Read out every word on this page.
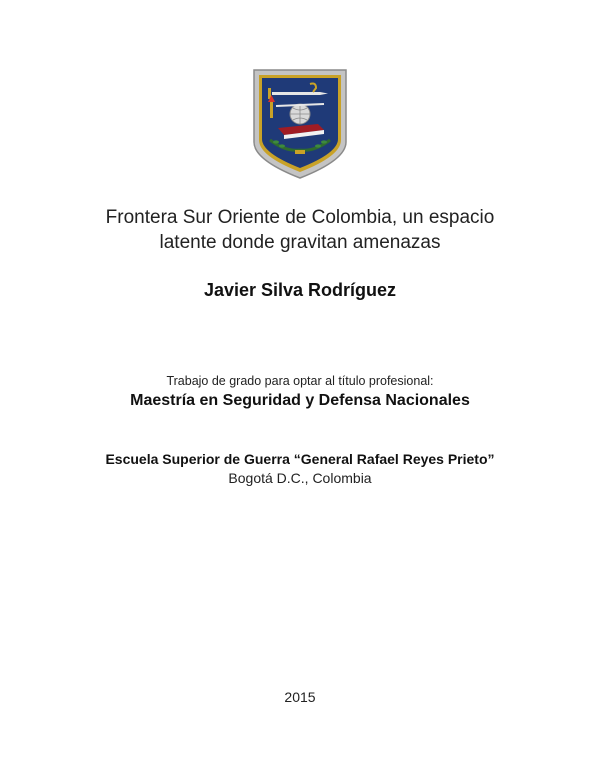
Frontera Sur Oriente de Colombia, un espacio
latente donde gravitan amenazas
Javier Silva Rodríguez
Trabajo de grado para optar al título profesional:
Maestría en Seguridad y Defensa Nacionales
Escuela Superior de Guerra “General Rafael Reyes Prieto”
Bogotá D.C., Colombia
2015
